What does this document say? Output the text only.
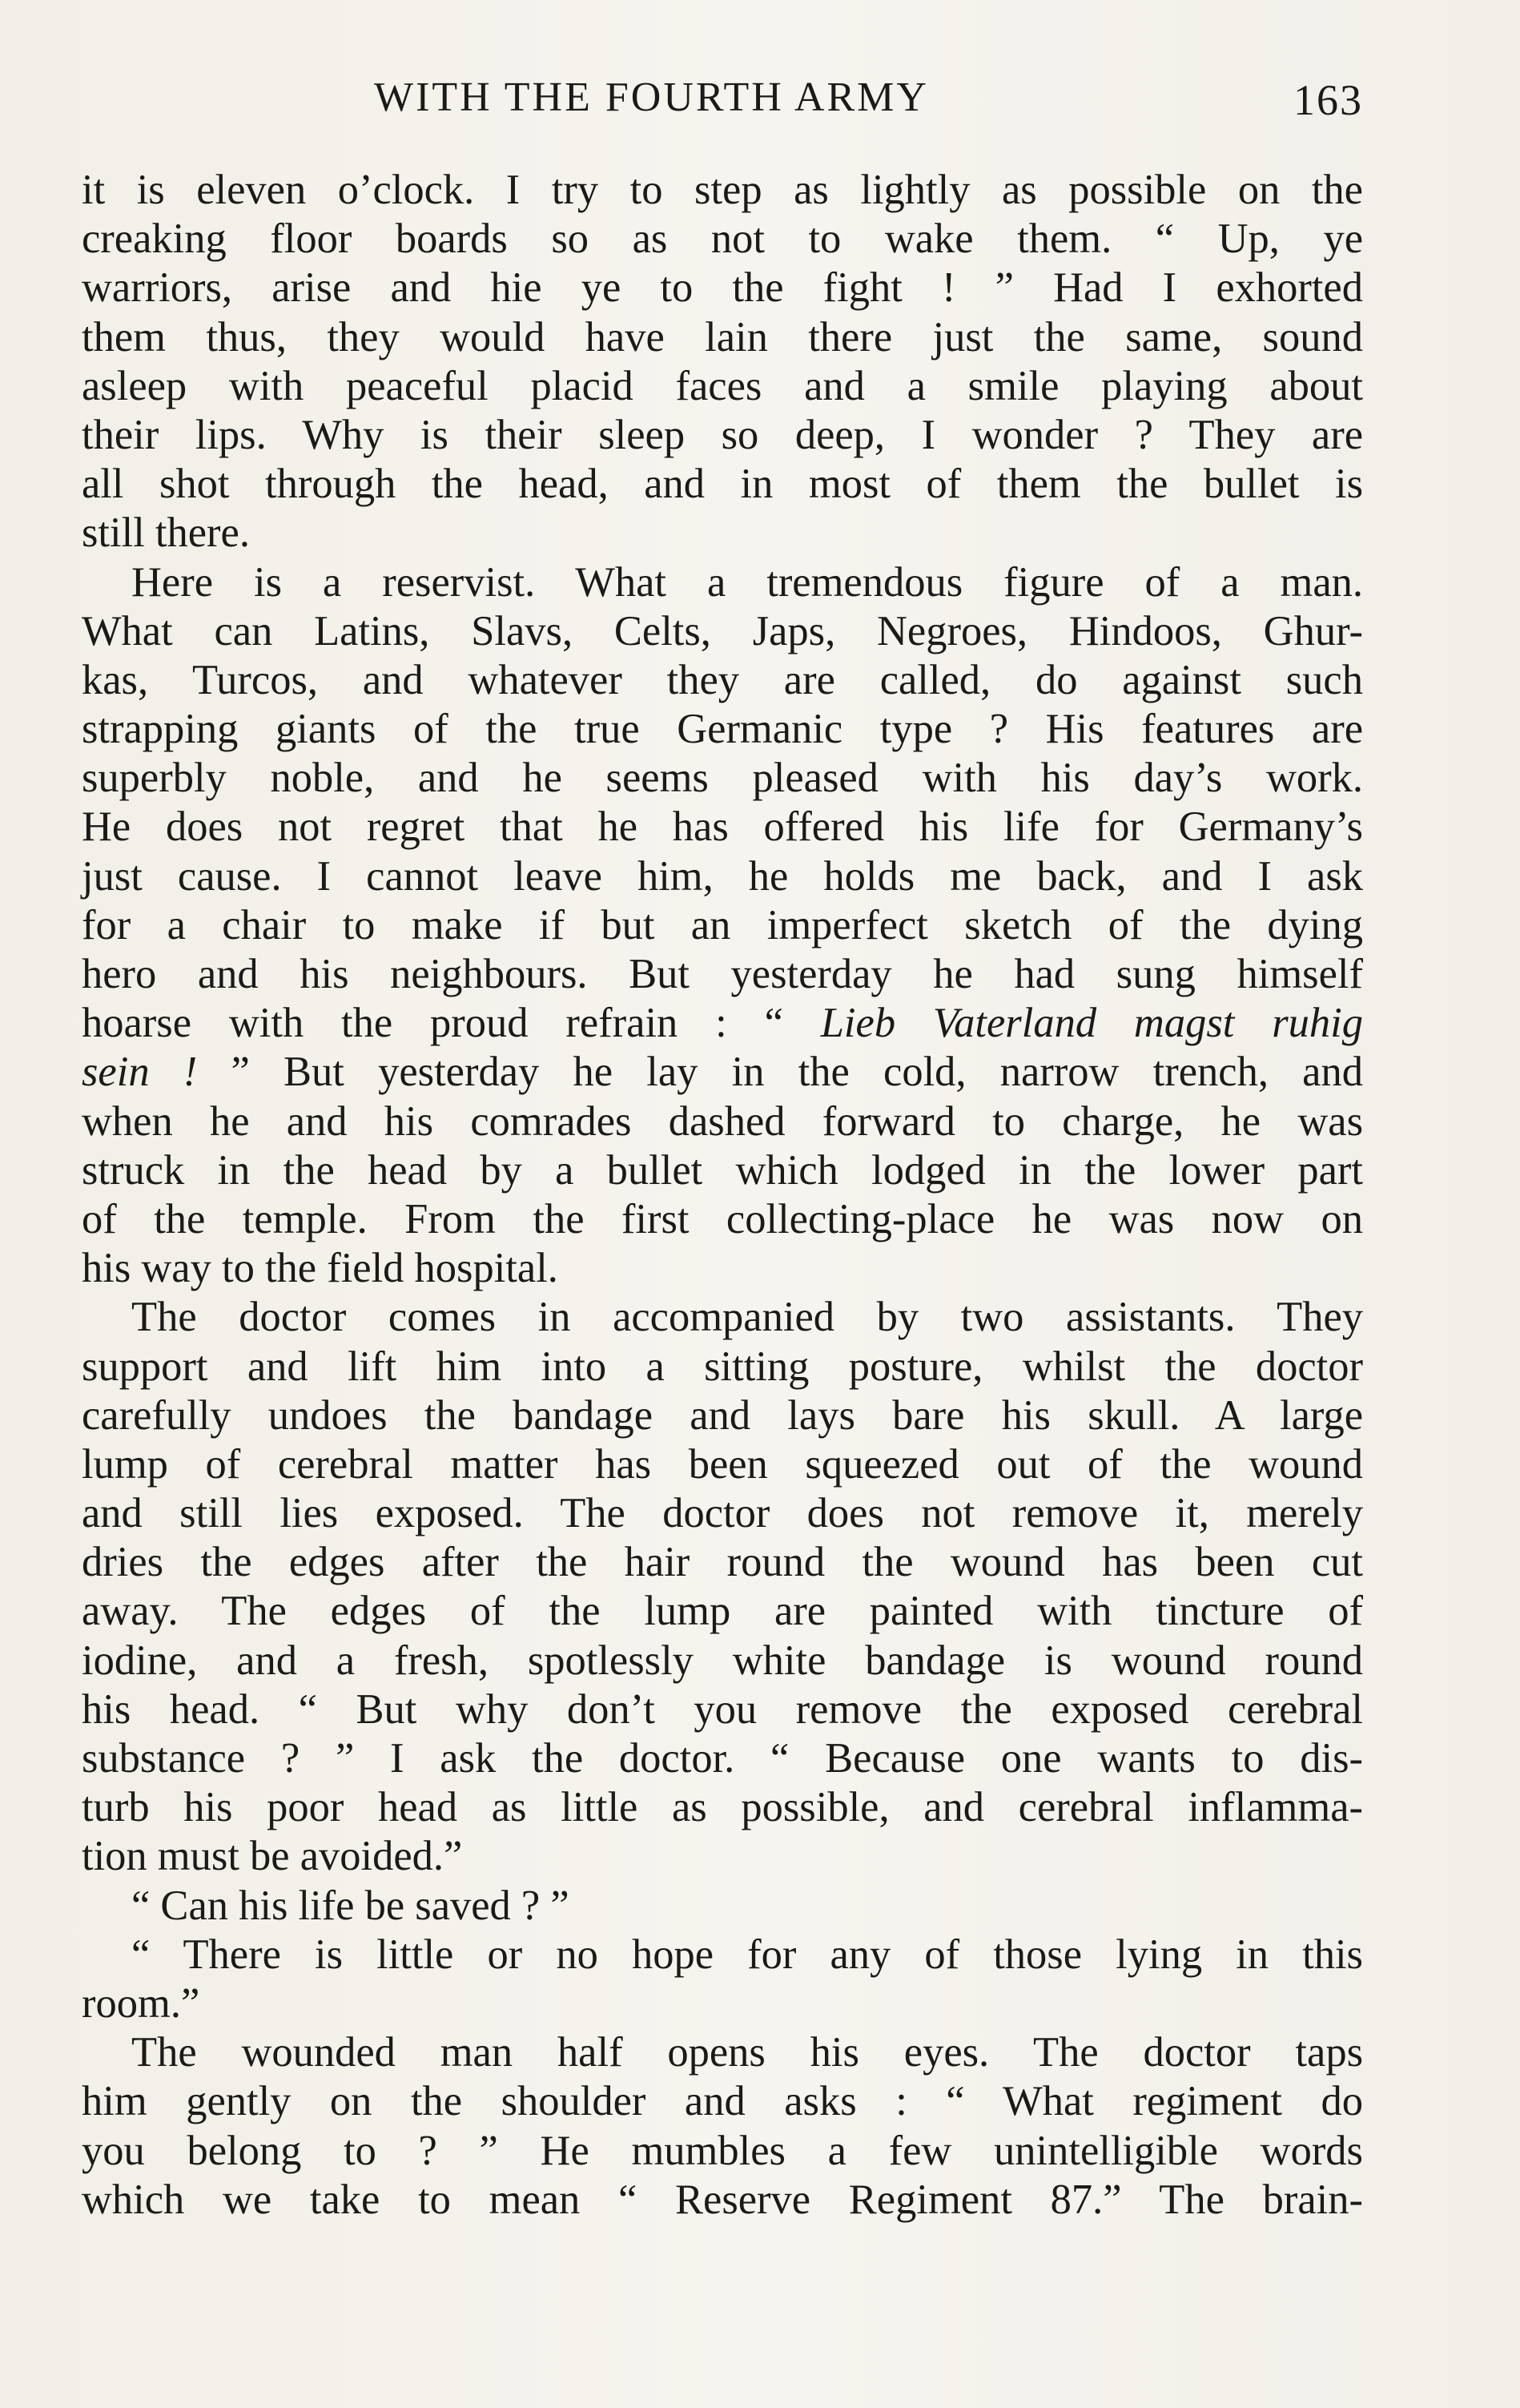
WITH THE FOURTH ARMY	163
it is eleven o’clock. I try to step as lightly as possible on the
creaking floor boards so as not to wake them. “ Up, ye
warriors, arise and hie ye to the fight ! ” Had I exhorted
them thus, they would have lain there just the same, sound
asleep with peaceful placid faces and a smile playing about
their lips. Why is their sleep so deep, I wonder ? They are
all shot through the head, and in most of them the bullet is
still there.
Here is a reservist. What a tremendous figure of a man.
What can Latins, Slavs, Celts, Japs, Negroes, Hindoos, Ghur-
kas, Turcos, and whatever they are called, do against such
strapping giants of the true Germanic type ? His features are
superbly noble, and he seems pleased with his day’s work.
He does not regret that he has offered his life for Germany’s
just cause. I cannot leave him, he holds me back, and I ask
for a chair to make if but an imperfect sketch of the dying
hero and his neighbours. But yesterday he had sung himself
hoarse with the proud refrain : “ Lieb Vaterland magst ruhig
sein ! ” But yesterday he lay in the cold, narrow trench, and
when he and his comrades dashed forward to charge, he was
struck in the head by a bullet which lodged in the lower part
of the temple. From the first collecting-place he was now on
his way to the field hospital.
The doctor comes in accompanied by two assistants. They
support and lift him into a sitting posture, whilst the doctor
carefully undoes the bandage and lays bare his skull. A large
lump of cerebral matter has been squeezed out of the wound
and still lies exposed. The doctor does not remove it, merely
dries the edges after the hair round the wound has been cut
away. The edges of the lump are painted with tincture of
iodine, and a fresh, spotlessly white bandage is wound round
his head. “ But why don’t you remove the exposed cerebral
substance ? ” I ask the doctor. “ Because one wants to dis-
turb his poor head as little as possible, and cerebral inflamma-
tion must be avoided.”
“ Can his life be saved ? ”
“ There is little or no hope for any of those lying in this
room.”
The wounded man half opens his eyes. The doctor taps
him gently on the shoulder and asks : “ What regiment do
you belong to ? ” He mumbles a few unintelligible words
which we take to mean “ Reserve Regiment 87.” The brain-
